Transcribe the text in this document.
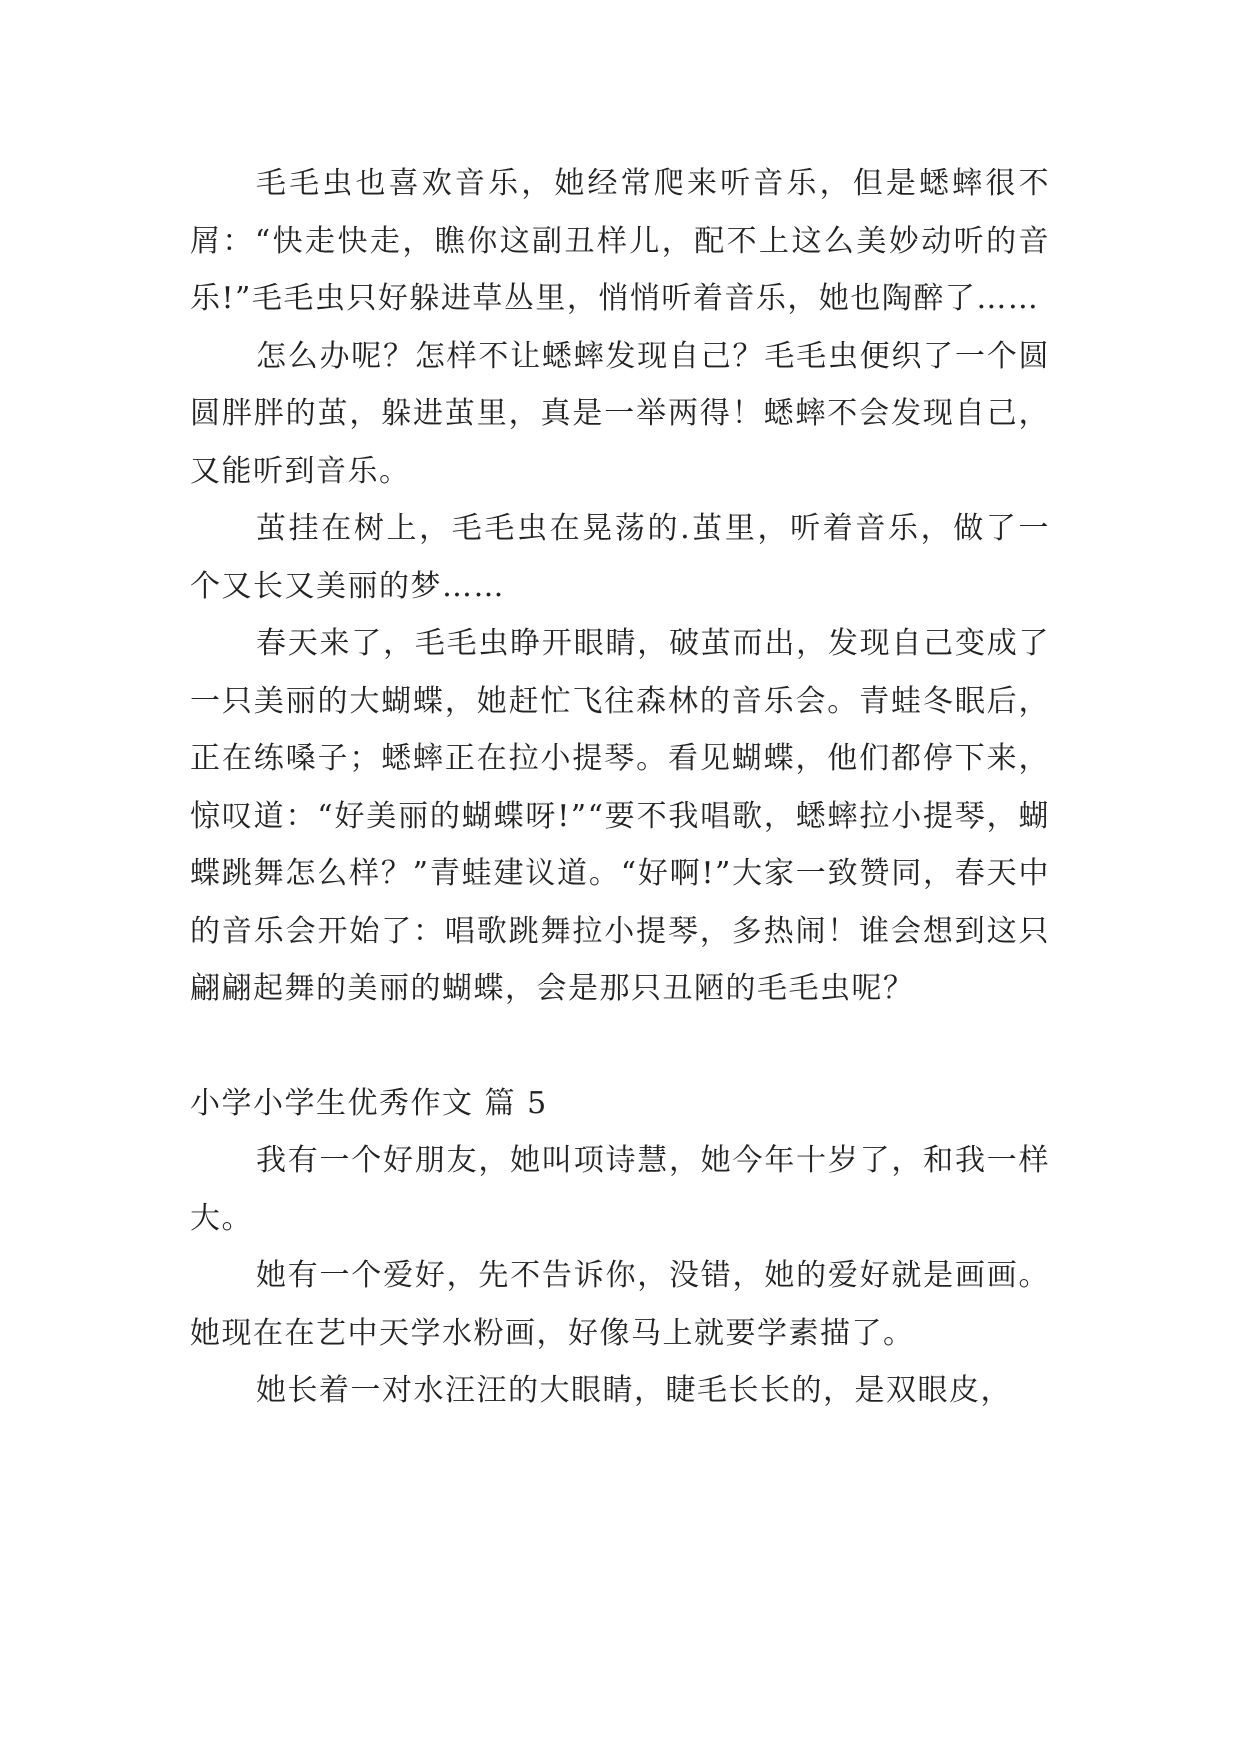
毛毛虫也喜欢音乐，她经常爬来听音乐，但是蟋蟀很不屑：“快走快走，瞧你这副丑样儿，配不上这么美妙动听的音乐!”毛毛虫只好躲进草丛里，悄悄听着音乐，她也陶醉了……

怎么办呢？怎样不让蟋蟀发现自己？毛毛虫便织了一个圆圆胖胖的茧，躲进茧里，真是一举两得！蟋蟀不会发现自己，又能听到音乐。

茧挂在树上，毛毛虫在晃荡的.茧里，听着音乐，做了一个又长又美丽的梦……

春天来了，毛毛虫睁开眼睛，破茧而出，发现自己变成了一只美丽的大蝴蝶，她赶忙飞往森林的音乐会。青蛙冬眠后，正在练嗓子；蟋蟀正在拉小提琴。看见蝴蝶，他们都停下来，惊叹道：“好美丽的蝴蝶呀!”“要不我唱歌，蟋蟀拉小提琴，蝴蝶跳舞怎么样？”青蛙建议道。“好啊!”大家一致赞同，春天中的音乐会开始了：唱歌跳舞拉小提琴，多热闹！谁会想到这只翩翩起舞的美丽的蝴蝶，会是那只丑陋的毛毛虫呢？

小学小学生优秀作文 篇 5

我有一个好朋友，她叫项诗慧，她今年十岁了，和我一样大。

她有一个爱好，先不告诉你，没错，她的爱好就是画画。她现在在艺中天学水粉画，好像马上就要学素描了。

她长着一对水汪汪的大眼睛，睫毛长长的，是双眼皮，
